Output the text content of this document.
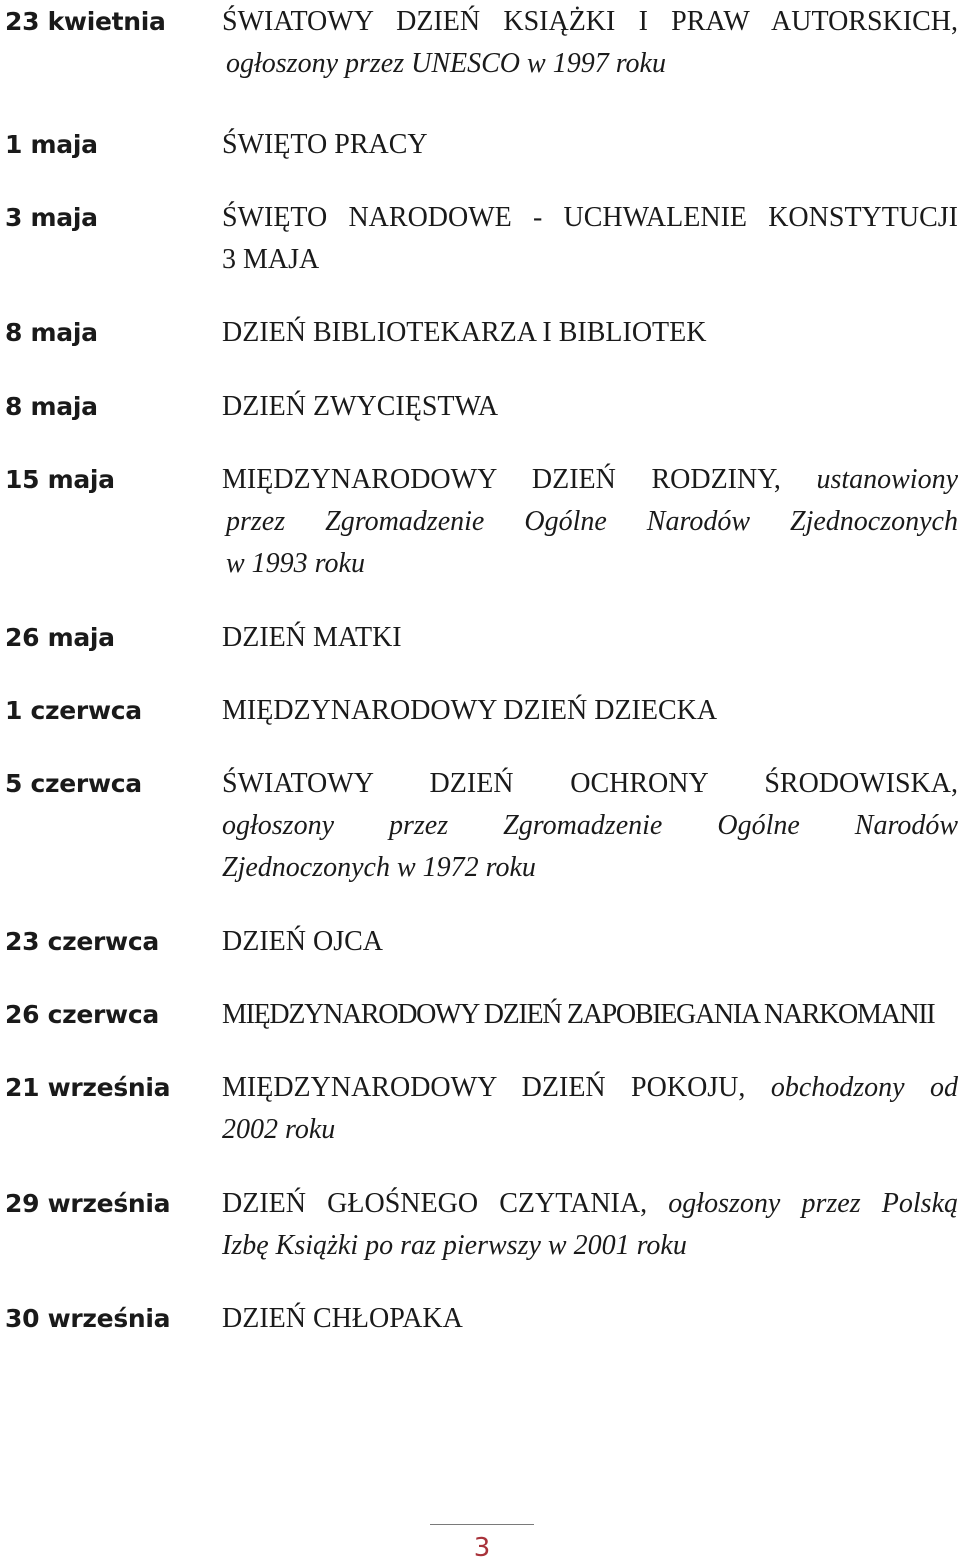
23 kwietnia	ŚWIATOWY DZIEŃ KSIĄŻKI I PRAW AUTORSKICH,
ogłoszony przez UNESCO w 1997 roku
1 maja	ŚWIĘTO PRACY
3 maja	ŚWIĘTO NARODOWE - UCHWALENIE KONSTYTUCJI
3 MAJA
8 maja	DZIEŃ BIBLIOTEKARZA I BIBLIOTEK
8 maja	DZIEŃ ZWYCIĘSTWA
15 maja	MIĘDZYNARODOWY DZIEŃ RODZINY, ustanowiony
przez Zgromadzenie Ogólne Narodów Zjednoczonych
w 1993 roku
26 maja	DZIEŃ MATKI
1 czerwca	MIĘDZYNARODOWY DZIEŃ DZIECKA
5 czerwca	ŚWIATOWY DZIEŃ OCHRONY ŚRODOWISKA,
ogłoszony przez Zgromadzenie Ogólne Narodów
Zjednoczonych w 1972 roku
23 czerwca	DZIEŃ OJCA
26 czerwca	MIĘDZYNARODOWY DZIEŃ ZAPOBIEGANIA NARKOMANII
21 września	MIĘDZYNARODOWY DZIEŃ POKOJU, obchodzony od
2002 roku
29 września	DZIEŃ GŁOŚNEGO CZYTANIA, ogłoszony przez Polską
Izbę Książki po raz pierwszy w 2001 roku
30 września	DZIEŃ CHŁOPAKA
3
